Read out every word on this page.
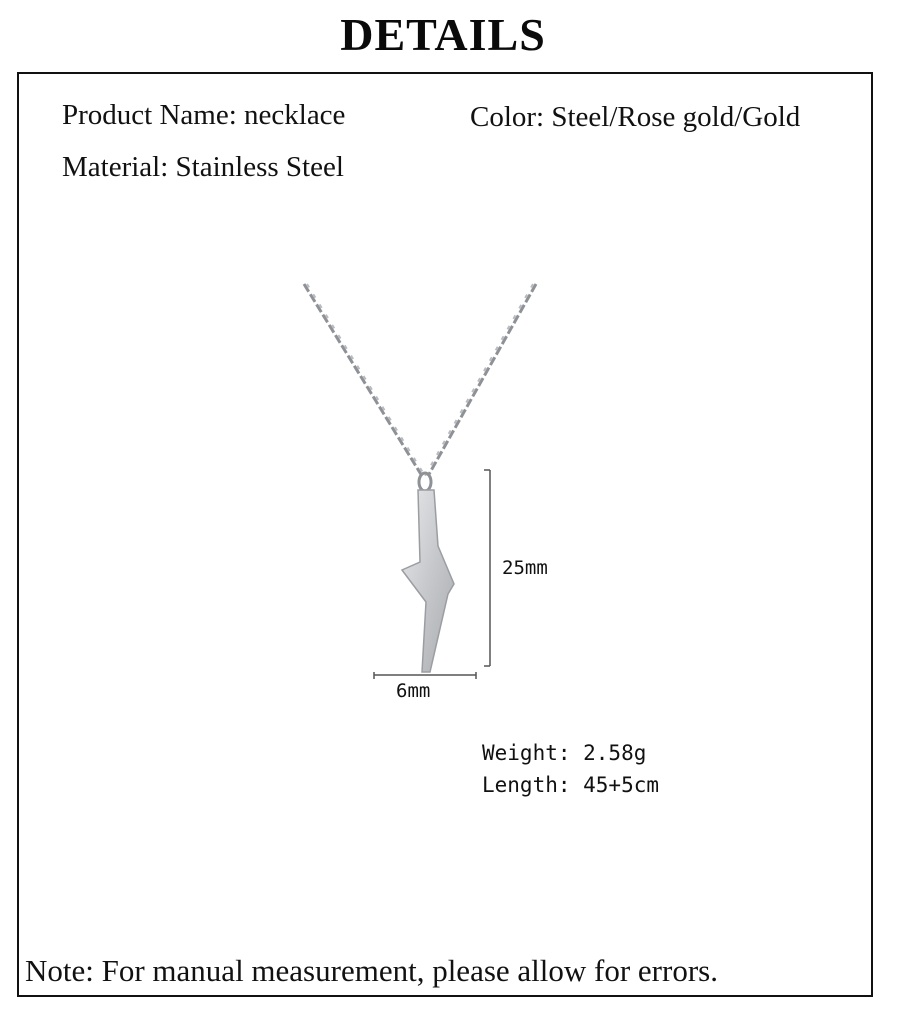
DETAILS
Product Name: necklace	Color: Steel/Rose gold/Gold
Material: Stainless Steel
25mm
6mm
Weight: 2.58g
Length: 45+5cm
Note: For manual measurement, please allow for errors.
